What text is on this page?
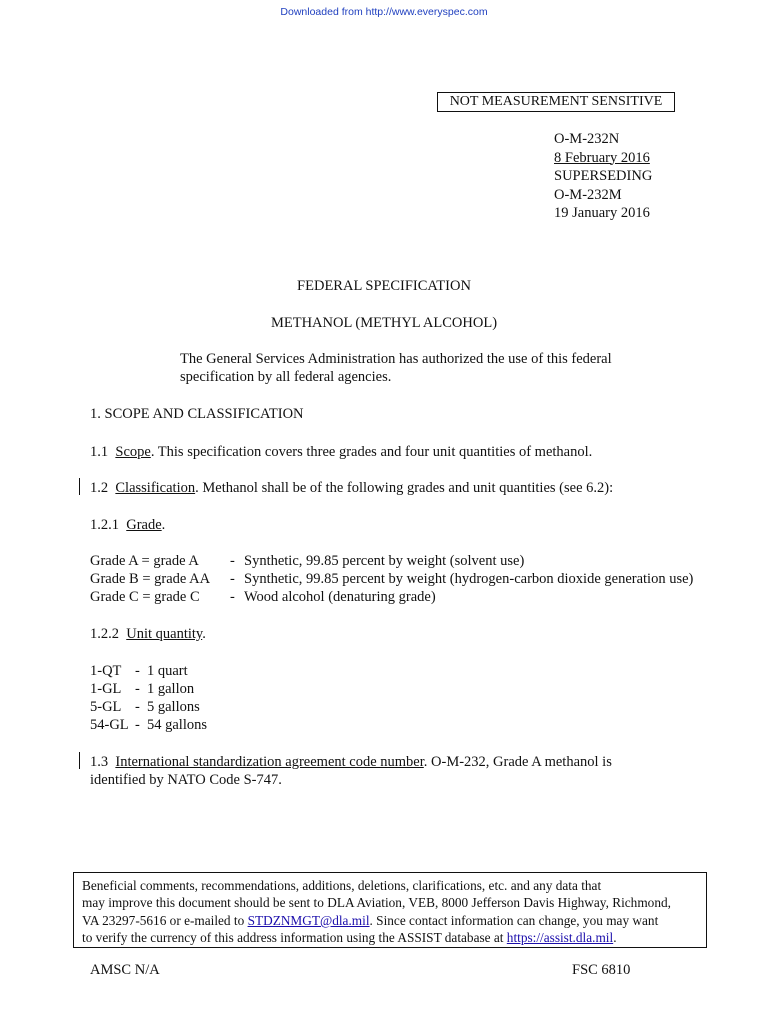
Downloaded from http://www.everyspec.com
NOT MEASUREMENT SENSITIVE
O-M-232N
8 February 2016
SUPERSEDING
O-M-232M
19 January 2016
FEDERAL SPECIFICATION
METHANOL (METHYL ALCOHOL)
The General Services Administration has authorized the use of this federal
specification by all federal agencies.
1. SCOPE AND CLASSIFICATION
1.1 Scope. This specification covers three grades and four unit quantities of methanol.
1.2 Classification. Methanol shall be of the following grades and unit quantities (see 6.2):
1.2.1 Grade.
Grade A = grade A	- Synthetic, 99.85 percent by weight (solvent use)
Grade B = grade AA	- Synthetic, 99.85 percent by weight (hydrogen-carbon dioxide generation use)
Grade C = grade C	- Wood alcohol (denaturing grade)
1.2.2 Unit quantity.
1-QT - 1 quart
1-GL - 1 gallon
5-GL - 5 gallons
54-GL - 54 gallons
1.3 International standardization agreement code number. O-M-232, Grade A methanol is
identified by NATO Code S-747.
Beneficial comments, recommendations, additions, deletions, clarifications, etc. and any data that
may improve this document should be sent to DLA Aviation, VEB, 8000 Jefferson Davis Highway, Richmond,
VA 23297-5616 or e-mailed to STDZNMGT@dla.mil. Since contact information can change, you may want
to verify the currency of this address information using the ASSIST database at https://assist.dla.mil.
AMSC N/A	FSC 6810
